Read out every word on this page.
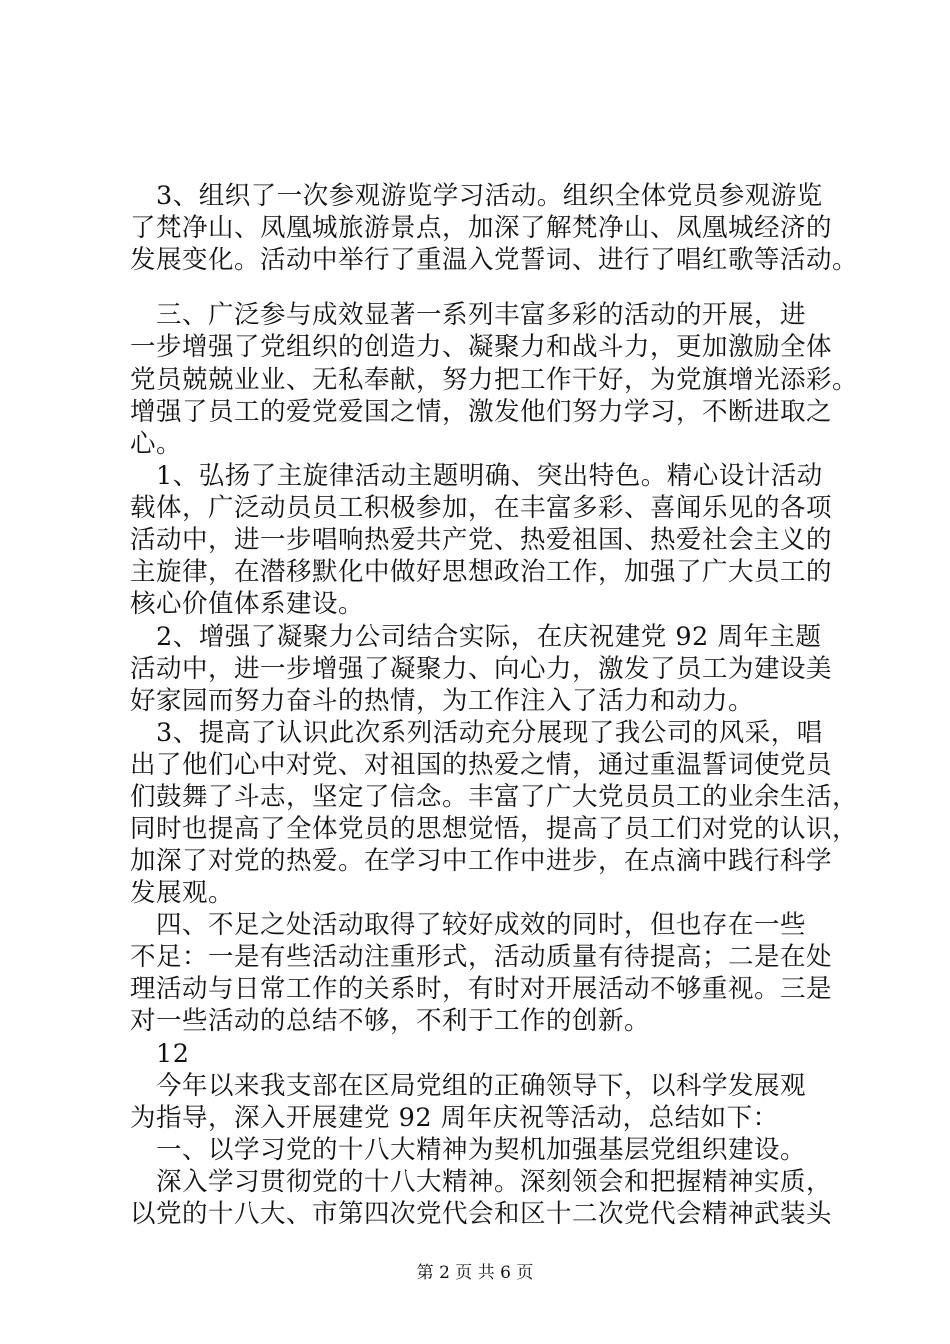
　3、组织了一次参观游览学习活动。组织全体党员参观游览
了梵净山、凤凰城旅游景点，加深了解梵净山、凤凰城经济的
发展变化。活动中举行了重温入党誓词、进行了唱红歌等活动。
　三、广泛参与成效显著一系列丰富多彩的活动的开展，进
一步增强了党组织的创造力、凝聚力和战斗力，更加激励全体
党员兢兢业业、无私奉献，努力把工作干好，为党旗增光添彩。
增强了员工的爱党爱国之情，激发他们努力学习，不断进取之
心。
　1、弘扬了主旋律活动主题明确、突出特色。精心设计活动
载体，广泛动员员工积极参加，在丰富多彩、喜闻乐见的各项
活动中，进一步唱响热爱共产党、热爱祖国、热爱社会主义的
主旋律，在潜移默化中做好思想政治工作，加强了广大员工的
核心价值体系建设。
　2、增强了凝聚力公司结合实际，在庆祝建党 92 周年主题
活动中，进一步增强了凝聚力、向心力，激发了员工为建设美
好家园而努力奋斗的热情，为工作注入了活力和动力。
　3、提高了认识此次系列活动充分展现了我公司的风采，唱
出了他们心中对党、对祖国的热爱之情，通过重温誓词使党员
们鼓舞了斗志，坚定了信念。丰富了广大党员员工的业余生活，
同时也提高了全体党员的思想觉悟，提高了员工们对党的认识，
加深了对党的热爱。在学习中工作中进步，在点滴中践行科学
发展观。
　四、不足之处活动取得了较好成效的同时，但也存在一些
不足：一是有些活动注重形式，活动质量有待提高；二是在处
理活动与日常工作的关系时，有时对开展活动不够重视。三是
对一些活动的总结不够，不利于工作的创新。
　12
　今年以来我支部在区局党组的正确领导下，以科学发展观
为指导，深入开展建党 92 周年庆祝等活动，总结如下：
　一、以学习党的十八大精神为契机加强基层党组织建设。
　深入学习贯彻党的十八大精神。深刻领会和把握精神实质，
以党的十八大、市第四次党代会和区十二次党代会精神武装头
第 2 页 共 6 页
